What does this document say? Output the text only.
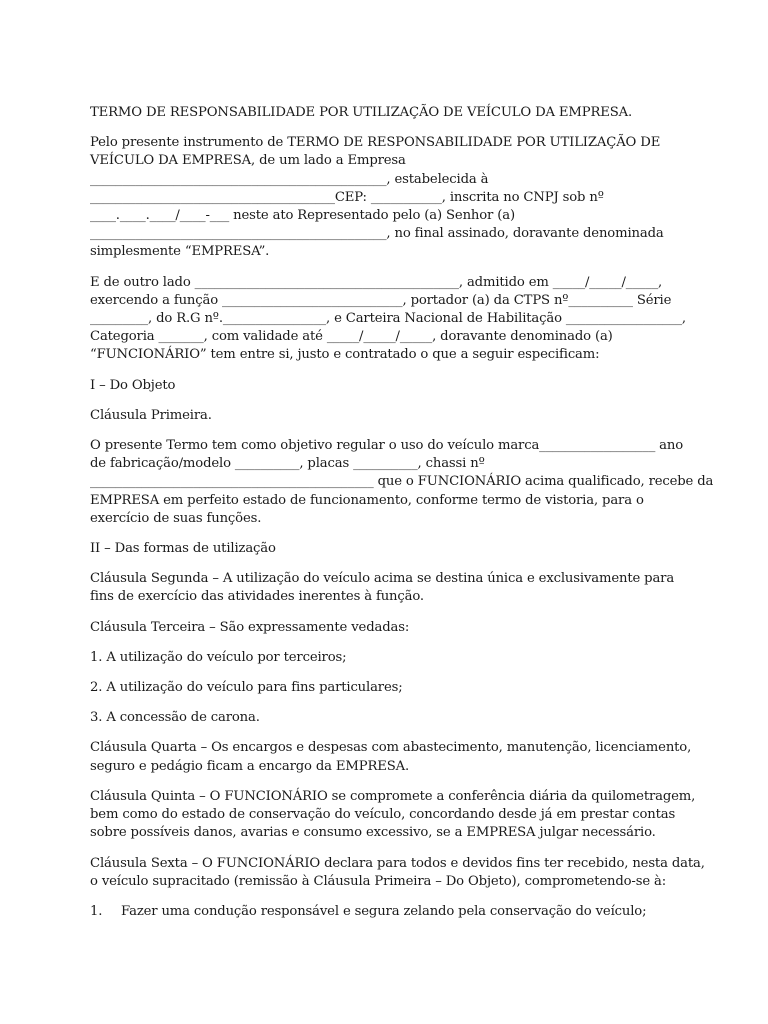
TERMO DE RESPONSABILIDADE POR UTILIZAÇÃO DE VEÍCULO DA EMPRESA.

Pelo presente instrumento de TERMO DE RESPONSABILIDADE POR UTILIZAÇÃO DE
VEÍCULO DA EMPRESA, de um lado a Empresa
______________________________________________, estabelecida à
______________________________________CEP: ___________, inscrita no CNPJ sob nº
____.____.____/____-___ neste ato Representado pelo (a) Senhor (a)
______________________________________________, no final assinado, doravante denominada
simplesmente “EMPRESA”.

E de outro lado _________________________________________, admitido em _____/_____/_____,
exercendo a função ____________________________, portador (a) da CTPS nº__________ Série
_________, do R.G nº.________________, e Carteira Nacional de Habilitação __________________,
Categoria _______, com validade até _____/_____/_____, doravante denominado (a)
“FUNCIONÁRIO” tem entre si, justo e contratado o que a seguir especificam:

I – Do Objeto

Cláusula Primeira.

O presente Termo tem como objetivo regular o uso do veículo marca__________________ ano
de fabricação/modelo __________, placas __________, chassi nº
____________________________________________ que o FUNCIONÁRIO acima qualificado, recebe da
EMPRESA em perfeito estado de funcionamento, conforme termo de vistoria, para o
exercício de suas funções.

II – Das formas de utilização

Cláusula Segunda – A utilização do veículo acima se destina única e exclusivamente para
fins de exercício das atividades inerentes à função.

Cláusula Terceira – São expressamente vedadas:

1. A utilização do veículo por terceiros;

2. A utilização do veículo para fins particulares;

3. A concessão de carona.

Cláusula Quarta – Os encargos e despesas com abastecimento, manutenção, licenciamento,
seguro e pedágio ficam a encargo da EMPRESA.

Cláusula Quinta – O FUNCIONÁRIO se compromete a conferência diária da quilometragem,
bem como do estado de conservação do veículo, concordando desde já em prestar contas
sobre possíveis danos, avarias e consumo excessivo, se a EMPRESA julgar necessário.

Cláusula Sexta – O FUNCIONÁRIO declara para todos e devidos fins ter recebido, nesta data,
o veículo supracitado (remissão à Cláusula Primeira – Do Objeto), comprometendo-se à:

1. Fazer uma condução responsável e segura zelando pela conservação do veículo;
